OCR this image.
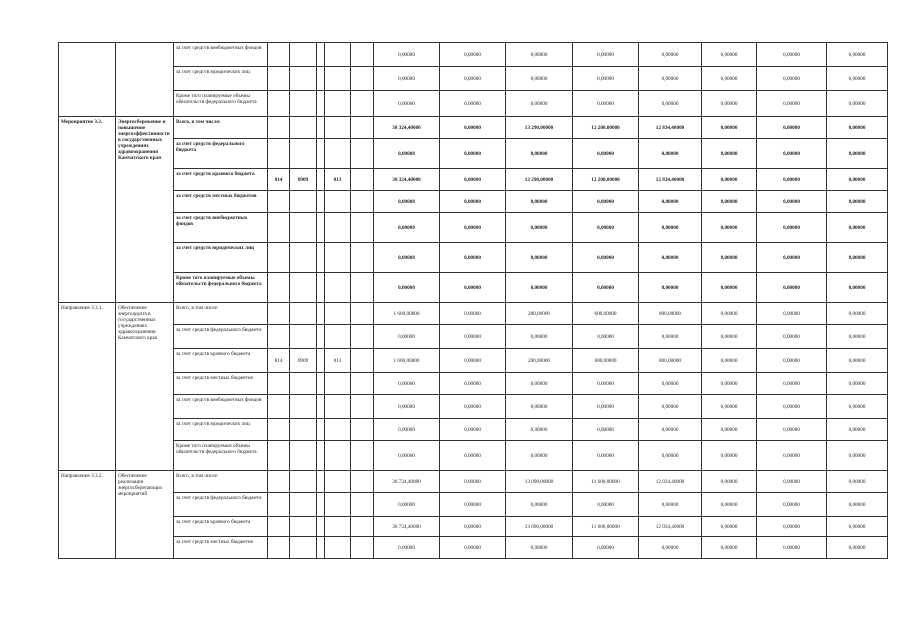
		за счет средств внебюджетных фондов						0,00000	0,00000	0,00000	0,00000	0,00000	0,00000	0,00000	0,00000
		за счет средств юридических лиц						0,00000	0,00000	0,00000	0,00000	0,00000	0,00000	0,00000	0,00000
		Кроме того планируемые объемы обязательств федерального бюджета						0,00000	0,00000	0,00000	0,00000	0,00000	0,00000	0,00000	0,00000
Мероприятие 3.3.	Энергосбережение и повышение энергоэффективности в государственных учреждениях здравоохранения Камчатского края	Всего, в том числе:						38 324,40000	0,00000	13 290,00000	12 200,00000	12 834,40000	0,00000	0,00000	0,00000
		за счет средств федерального бюджета						0,00000	0,00000	0,00000	0,00000	0,00000	0,00000	0,00000	0,00000
		за счет средств краевого бюджета	814	0909		013		38 324,40000	0,00000	13 290,00000	12 200,00000	12 834,40000	0,00000	0,00000	0,00000
		за счет средств местных бюджетов						0,00000	0,00000	0,00000	0,00000	0,00000	0,00000	0,00000	0,00000
		за счет средств внебюджетных фондов						0,00000	0,00000	0,00000	0,00000	0,00000	0,00000	0,00000	0,00000
		за счет средств юридических лиц						0,00000	0,00000	0,00000	0,00000	0,00000	0,00000	0,00000	0,00000
		Кроме того планируемые объемы обязательств федерального бюджета						0,00000	0,00000	0,00000	0,00000	0,00000	0,00000	0,00000	0,00000
Направление 3.3.1.	Обеспечение энергоаудита в государственных учреждениях здравоохранения Камчатского края	Всего, в том числе:						1 600,00000	0,00000	200,00000	600,00000	800,00000	0,00000	0,00000	0,00000
		за счет средств федерального бюджета						0,00000	0,00000	0,00000	0,00000	0,00000	0,00000	0,00000	0,00000
		за счет средств краевого бюджета	814	0909		013		1 600,00000	0,00000	200,00000	600,00000	800,00000	0,00000	0,00000	0,00000
		за счет средств местных бюджетов						0,00000	0,00000	0,00000	0,00000	0,00000	0,00000	0,00000	0,00000
		за счет средств внебюджетных фондов						0,00000	0,00000	0,00000	0,00000	0,00000	0,00000	0,00000	0,00000
		за счет средств юридических лиц						0,00000	0,00000	0,00000	0,00000	0,00000	0,00000	0,00000	0,00000
		Кроме того планируемые объемы обязательств федерального бюджета						0,00000	0,00000	0,00000	0,00000	0,00000	0,00000	0,00000	0,00000
Направление 3.3.2.	Обеспечение реализации энергосберегающих мероприятий	Всего, в том числе:						36 724,40000	0,00000	13 090,00000	11 600,00000	12 034,40000	0,00000	0,00000	0,00000
		за счет средств федерального бюджета						0,00000	0,00000	0,00000	0,00000	0,00000	0,00000	0,00000	0,00000
		за счет средств краевого бюджета						36 724,40000	0,00000	13 090,00000	11 600,00000	12 034,40000	0,00000	0,00000	0,00000
		за счет средств местных бюджетов						0,00000	0,00000	0,00000	0,00000	0,00000	0,00000	0,00000	0,00000
